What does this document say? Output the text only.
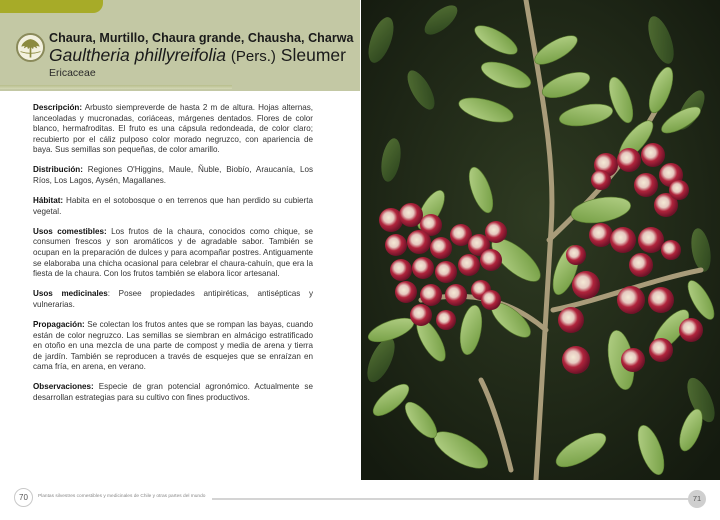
Chaura, Murtillo, Chaura grande, Chausha, Charwa
Gaultheria phillyreifolia (Pers.) Sleumer
Ericaceae

Descripción: Arbusto siempreverde de hasta 2 m de altura. Hojas alternas, lanceoladas y mucronadas, coriáceas, márgenes dentados. Flores de color blanco, hermafroditas. El fruto es una cápsula redondeada, de color claro; recubierto por el cáliz pulposo color morado negruzco, con apariencia de baya. Sus semillas son pequeñas, de color amarillo.

Distribución: Regiones O'Higgins, Maule, Ñuble, Biobío, Araucanía, Los Ríos, Los Lagos, Aysén, Magallanes.

Hábitat: Habita en el sotobosque o en terrenos que han perdido su cubierta vegetal.

Usos comestibles: Los frutos de la chaura, conocidos como chique, se consumen frescos y son aromáticos y de agradable sabor. También se ocupan en la preparación de dulces y para acompañar postres. Antiguamente se elaboraba una chicha ocasional para celebrar el chaura-cahuín, que era la fiesta de la chaura. Con los frutos también se elabora licor artesanal.

Usos medicinales: Posee propiedades antipiréticas, antisépticas y vulnerarias.

Propagación: Se colectan los frutos antes que se rompan las bayas, cuando están de color negruzco. Las semillas se siembran en almácigo estratificado en otoño en una mezcla de una parte de compost y media de arena y tierra de jardín. También se reproducen a través de esquejes que se enraízan en cama fría, en arena, en verano.

Observaciones: Especie de gran potencial agronómico. Actualmente se desarrollan estrategias para su cultivo con fines productivos.

70	Plantas silvestres comestibles y medicinales de Chile y otras partes del mundo	71
